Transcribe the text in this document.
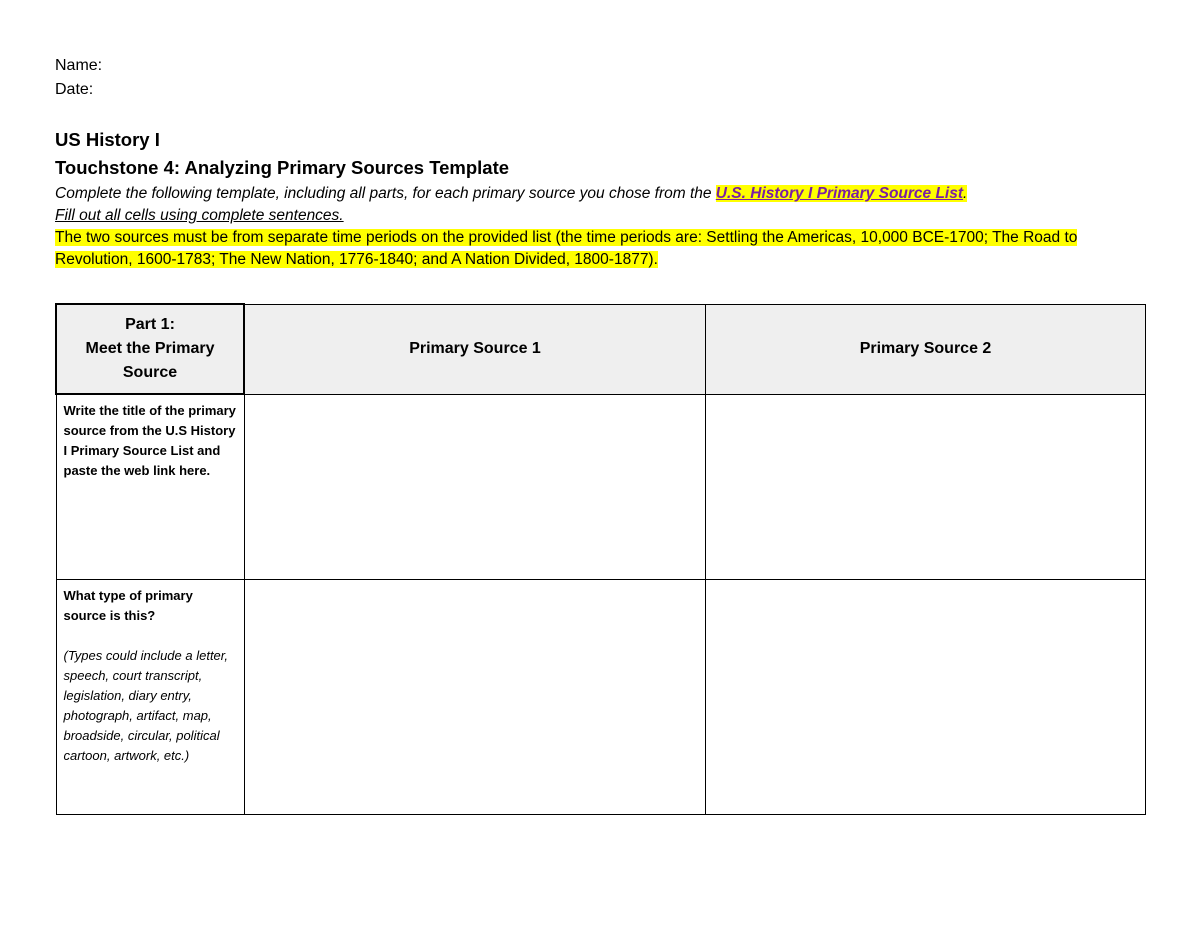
Name:
Date:
US History I
Touchstone 4: Analyzing Primary Sources Template
Complete the following template, including all parts, for each primary source you chose from the U.S. History I Primary Source List.
Fill out all cells using complete sentences.
The two sources must be from separate time periods on the provided list (the time periods are: Settling the Americas, 10,000 BCE-1700; The Road to Revolution, 1600-1783; The New Nation, 1776-1840; and A Nation Divided, 1800-1877).
Part 1:
Meet the Primary Source	Primary Source 1	Primary Source 2

Write the title of the primary source from the U.S History I Primary Source List and paste the web link here.		

What type of primary source is this?
(Types could include a letter, speech, court transcript, legislation, diary entry, photograph, artifact, map, broadside, circular, political cartoon, artwork, etc.)		
